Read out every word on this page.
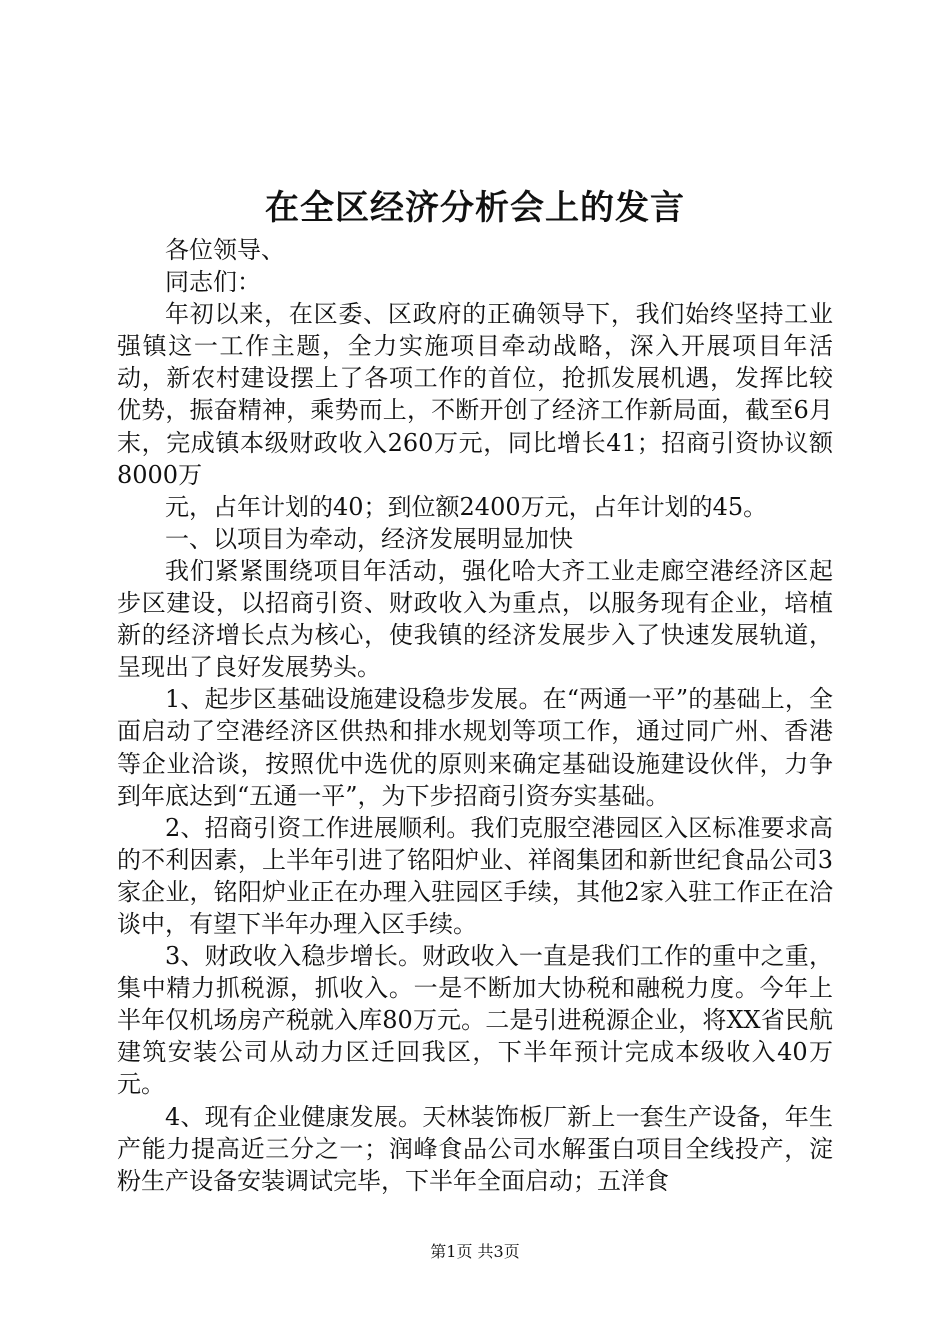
在全区经济分析会上的发言

各位领导、

同志们：

年初以来，在区委、区政府的正确领导下，我们始终坚持工业强镇这一工作主题，全力实施项目牵动战略，深入开展项目年活动，新农村建设摆上了各项工作的首位，抢抓发展机遇，发挥比较优势，振奋精神，乘势而上，不断开创了经济工作新局面，截至6月末，完成镇本级财政收入260万元，同比增长41；招商引资协议额8000万

元，占年计划的40；到位额2400万元，占年计划的45。

一、以项目为牵动，经济发展明显加快

我们紧紧围绕项目年活动，强化哈大齐工业走廊空港经济区起步区建设，以招商引资、财政收入为重点，以服务现有企业，培植新的经济增长点为核心，使我镇的经济发展步入了快速发展轨道，呈现出了良好发展势头。

1、起步区基础设施建设稳步发展。在“两通一平”的基础上，全面启动了空港经济区供热和排水规划等项工作，通过同广州、香港等企业洽谈，按照优中选优的原则来确定基础设施建设伙伴，力争到年底达到“五通一平”，为下步招商引资夯实基础。

2、招商引资工作进展顺利。我们克服空港园区入区标准要求高的不利因素，上半年引进了铭阳炉业、祥阁集团和新世纪食品公司3家企业，铭阳炉业正在办理入驻园区手续，其他2家入驻工作正在洽谈中，有望下半年办理入区手续。

3、财政收入稳步增长。财政收入一直是我们工作的重中之重，集中精力抓税源，抓收入。一是不断加大协税和融税力度。今年上半年仅机场房产税就入库80万元。二是引进税源企业，将XX省民航建筑安装公司从动力区迁回我区，下半年预计完成本级收入40万元。

4、现有企业健康发展。天林装饰板厂新上一套生产设备，年生产能力提高近三分之一；润峰食品公司水解蛋白项目全线投产，淀粉生产设备安装调试完毕，下半年全面启动；五洋食

第1页 共3页
